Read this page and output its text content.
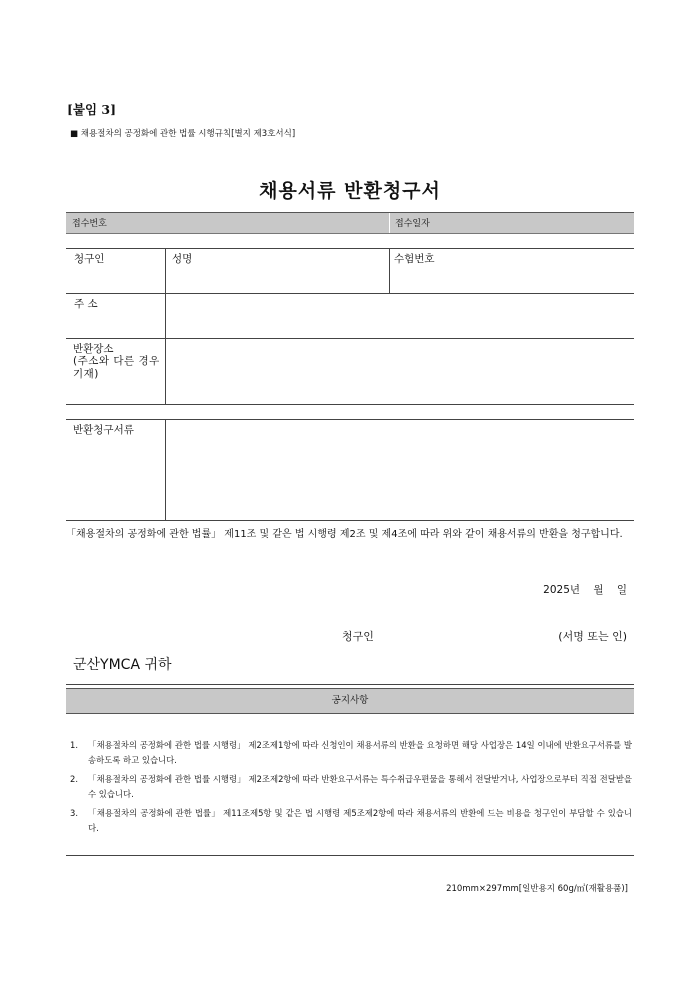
[붙임 3]
■ 채용절차의 공정화에 관한 법률 시행규칙[별지 제3호서식]
채용서류 반환청구서
접수번호	접수일자
청구인	성명	수험번호
주 소
반환장소
(주소와 다른 경우 기재)
반환청구서류
「채용절차의 공정화에 관한 법률」 제11조 및 같은 법 시행령 제2조 및 제4조에 따라 위와 같이 채용서류의 반환을 청구합니다.
2025년 월 일
청구인	(서명 또는 인)
군산YMCA 귀하
공지사항
1.	「채용절차의 공정화에 관한 법률 시행령」 제2조제1항에 따라 신청인이 채용서류의 반환을 요청하면 해당 사업장은 14일 이내에 반환요구서류를 발송하도록 하고 있습니다.
2.	「채용절차의 공정화에 관한 법률 시행령」 제2조제2항에 따라 반환요구서류는 특수취급우편물을 통해서 전달받거나, 사업장으로부터 직접 전달받을 수 있습니다.
3.	「채용절차의 공정화에 관한 법률」 제11조제5항 및 같은 법 시행령 제5조제2항에 따라 채용서류의 반환에 드는 비용을 청구인이 부담할 수 있습니다.
210mm×297mm[일반용지 60g/㎡(재활용품)]
